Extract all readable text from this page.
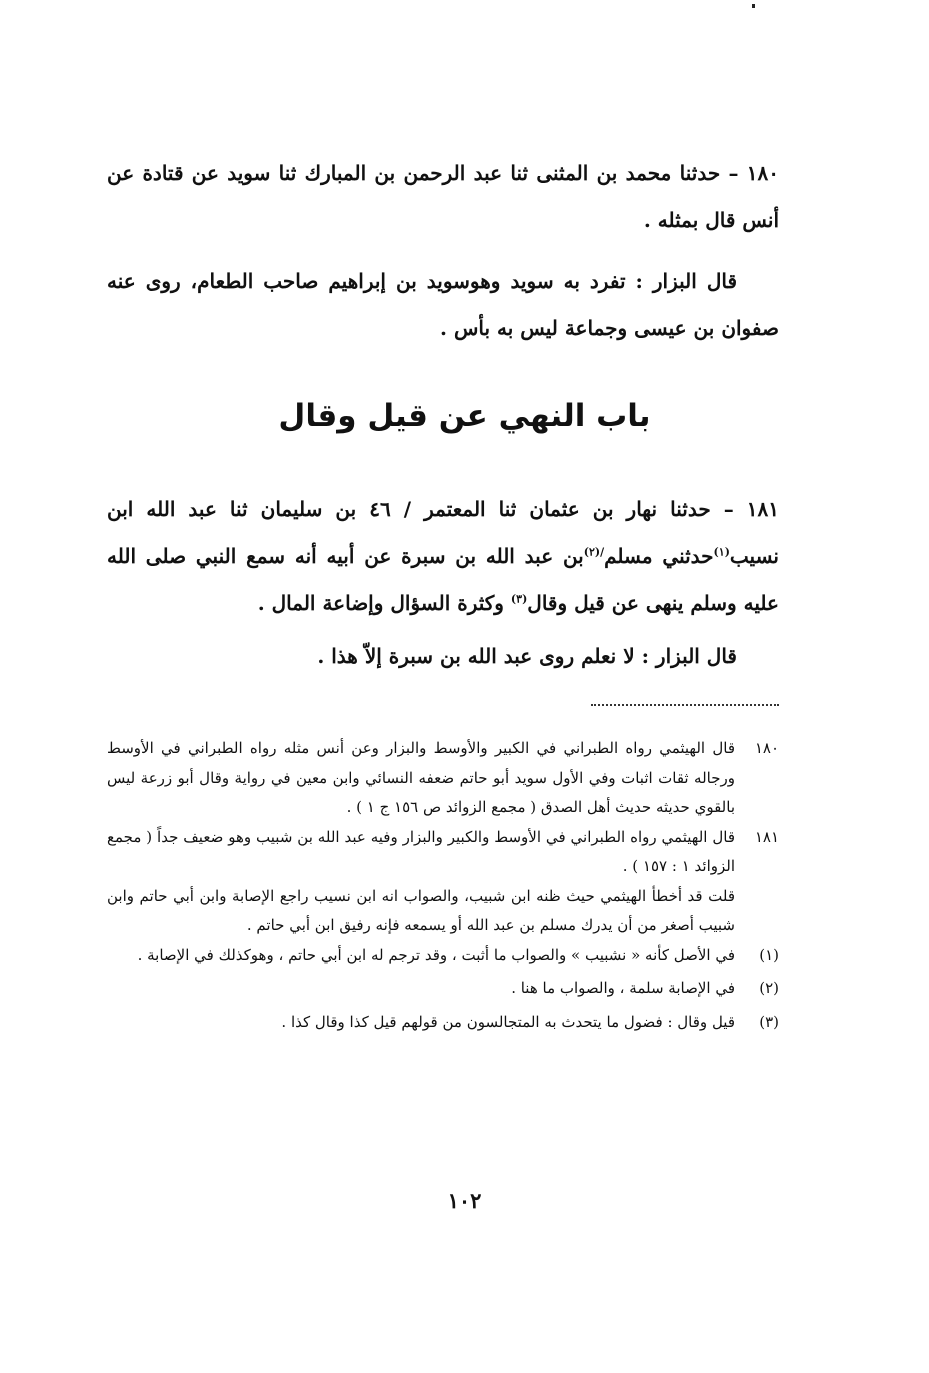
١٨٠ – حدثنا محمد بن المثنى ثنا عبد الرحمن بن المبارك ثنا سويد عن قتادة عن أنس قال بمثله .

قال البزار : تفرد به سويد وهوسويد بن إبراهيم صاحب الطعام، روى عنه صفوان بن عيسى وجماعة ليس به بأس .

باب النهي عن قيل وقال

١٨١ – حدثنا نهار بن عثمان ثنا المعتمر / ٤٦ بن سليمان ثنا عبد الله ابن نسيب$^{(١)}$حدثني مسلم$^{/(٢)}$بن عبد الله بن سبرة عن أبيه أنه سمع النبي صلى الله عليه وسلم ينهى عن قيل وقال$^{(٣)}$ وكثرة السؤال وإضاعة المال .

قال البزار : لا نعلم روى عبد الله بن سبرة إلاّ هذا .

١٨٠
قال الهيثمي رواه الطبراني في الكبير والأوسط والبزار وعن أنس مثله رواه الطبراني في الأوسط ورجاله ثقات اثبات وفي الأول سويد أبو حاتم ضعفه النسائي وابن معين في رواية وقال أبو زرعة ليس بالقوي حديثه حديث أهل الصدق ( مجمع الزوائد ص ١٥٦ ج ١ ) .

١٨١
قال الهيثمي رواه الطبراني في الأوسط والكبير والبزار وفيه عبد الله بن شبيب وهو ضعيف جداً ( مجمع الزوائد ١ : ١٥٧ ) .
قلت قد أخطأ الهيثمي حيث ظنه ابن شبيب، والصواب انه ابن نسيب راجع الإصابة وابن أبي حاتم وابن شبيب أصغر من أن يدرك مسلم بن عبد الله أو يسمعه فإنه رفيق ابن أبي حاتم .

(١)
في الأصل كأنه « نشبيب » والصواب ما أثبت ، وقد ترجم له ابن أبي حاتم ، وهوكذلك في الإصابة .

(٢)
في الإصابة سلمة ، والصواب ما هنا .

(٣)
قيل وقال : فضول ما يتحدث به المتجالسون من قولهم قيل كذا وقال كذا .

١٠٢
